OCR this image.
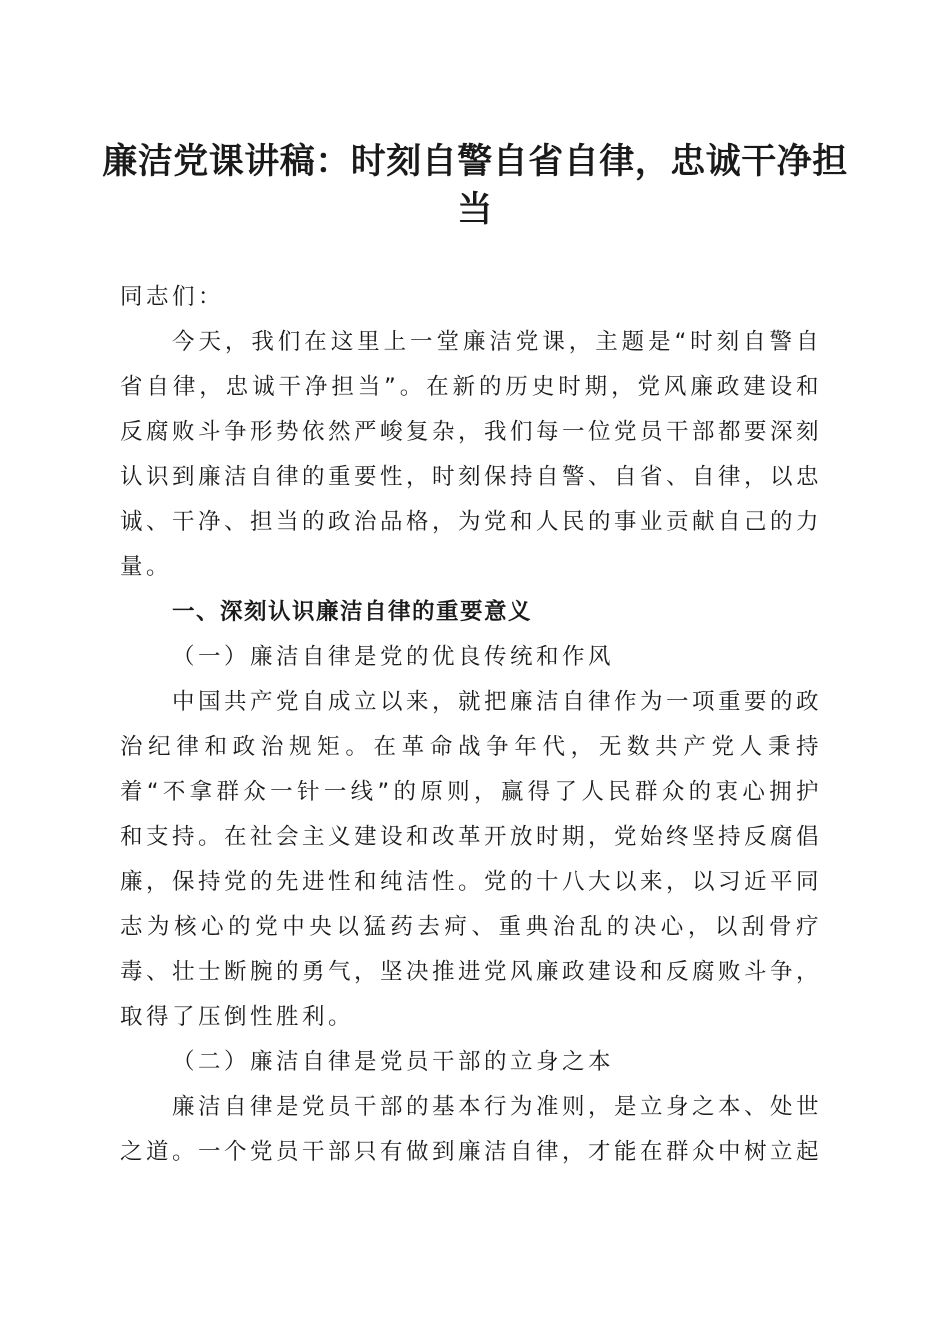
廉洁党课讲稿：时刻自警自省自律，忠诚干净担当

同志们：

今天，我们在这里上一堂廉洁党课，主题是“时刻自警自省自律，忠诚干净担当”。在新的历史时期，党风廉政建设和反腐败斗争形势依然严峻复杂，我们每一位党员干部都要深刻认识到廉洁自律的重要性，时刻保持自警、自省、自律，以忠诚、干净、担当的政治品格，为党和人民的事业贡献自己的力量。

一、深刻认识廉洁自律的重要意义

（一）廉洁自律是党的优良传统和作风

中国共产党自成立以来，就把廉洁自律作为一项重要的政治纪律和政治规矩。在革命战争年代，无数共产党人秉持着“不拿群众一针一线”的原则，赢得了人民群众的衷心拥护和支持。在社会主义建设和改革开放时期，党始终坚持反腐倡廉，保持党的先进性和纯洁性。党的十八大以来，以习近平同志为核心的党中央以猛药去疴、重典治乱的决心，以刮骨疗毒、壮士断腕的勇气，坚决推进党风廉政建设和反腐败斗争，取得了压倒性胜利。

（二）廉洁自律是党员干部的立身之本

廉洁自律是党员干部的基本行为准则，是立身之本、处世之道。一个党员干部只有做到廉洁自律，才能在群众中树立起
